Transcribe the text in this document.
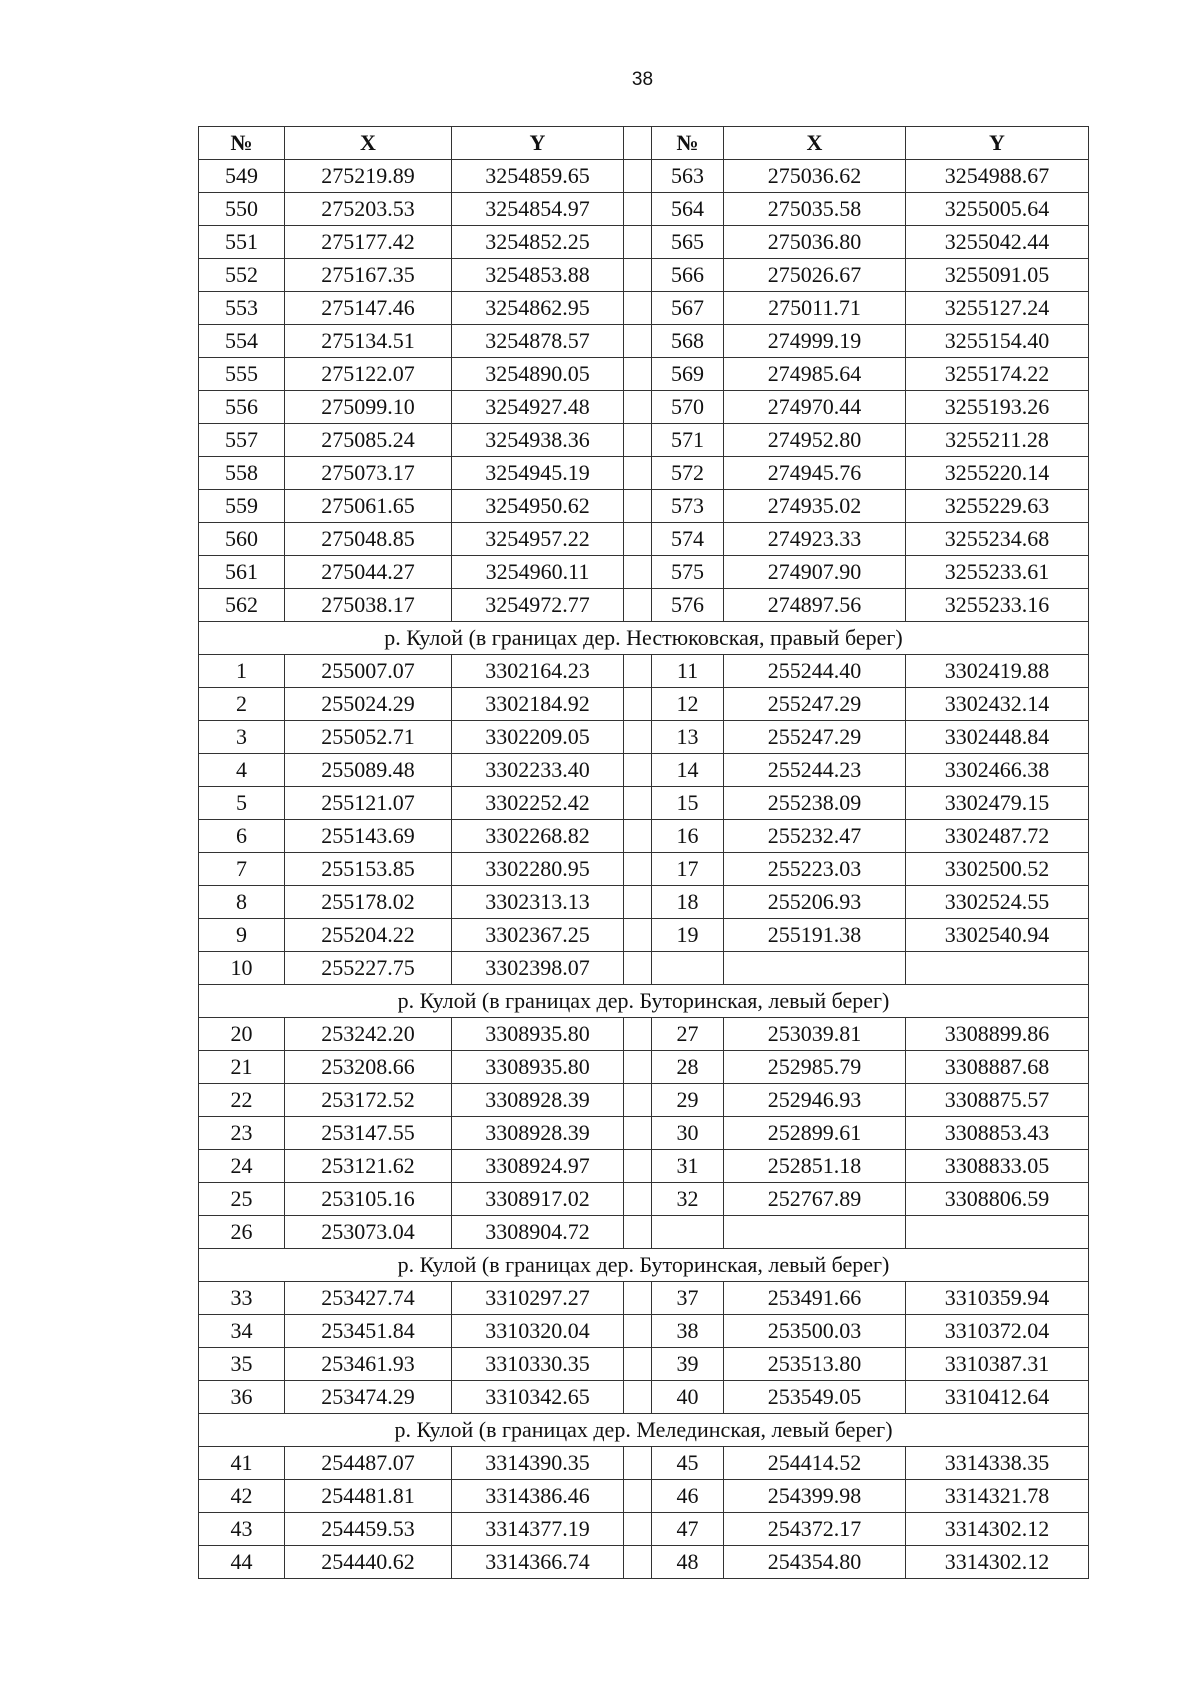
38
№	X	Y		№	X	Y
549	275219.89	3254859.65		563	275036.62	3254988.67
550	275203.53	3254854.97		564	275035.58	3255005.64
551	275177.42	3254852.25		565	275036.80	3255042.44
552	275167.35	3254853.88		566	275026.67	3255091.05
553	275147.46	3254862.95		567	275011.71	3255127.24
554	275134.51	3254878.57		568	274999.19	3255154.40
555	275122.07	3254890.05		569	274985.64	3255174.22
556	275099.10	3254927.48		570	274970.44	3255193.26
557	275085.24	3254938.36		571	274952.80	3255211.28
558	275073.17	3254945.19		572	274945.76	3255220.14
559	275061.65	3254950.62		573	274935.02	3255229.63
560	275048.85	3254957.22		574	274923.33	3255234.68
561	275044.27	3254960.11		575	274907.90	3255233.61
562	275038.17	3254972.77		576	274897.56	3255233.16
р. Кулой (в границах дер. Нестюковская, правый берег)						
1	255007.07	3302164.23		11	255244.40	3302419.88
2	255024.29	3302184.92		12	255247.29	3302432.14
3	255052.71	3302209.05		13	255247.29	3302448.84
4	255089.48	3302233.40		14	255244.23	3302466.38
5	255121.07	3302252.42		15	255238.09	3302479.15
6	255143.69	3302268.82		16	255232.47	3302487.72
7	255153.85	3302280.95		17	255223.03	3302500.52
8	255178.02	3302313.13		18	255206.93	3302524.55
9	255204.22	3302367.25		19	255191.38	3302540.94
10	255227.75	3302398.07				
р. Кулой (в границах дер. Буторинская, левый берег)						
20	253242.20	3308935.80		27	253039.81	3308899.86
21	253208.66	3308935.80		28	252985.79	3308887.68
22	253172.52	3308928.39		29	252946.93	3308875.57
23	253147.55	3308928.39		30	252899.61	3308853.43
24	253121.62	3308924.97		31	252851.18	3308833.05
25	253105.16	3308917.02		32	252767.89	3308806.59
26	253073.04	3308904.72				
р. Кулой (в границах дер. Буторинская, левый берег)						
33	253427.74	3310297.27		37	253491.66	3310359.94
34	253451.84	3310320.04		38	253500.03	3310372.04
35	253461.93	3310330.35		39	253513.80	3310387.31
36	253474.29	3310342.65		40	253549.05	3310412.64
р. Кулой (в границах дер. Мелединская, левый берег)						
41	254487.07	3314390.35		45	254414.52	3314338.35
42	254481.81	3314386.46		46	254399.98	3314321.78
43	254459.53	3314377.19		47	254372.17	3314302.12
44	254440.62	3314366.74		48	254354.80	3314302.12
